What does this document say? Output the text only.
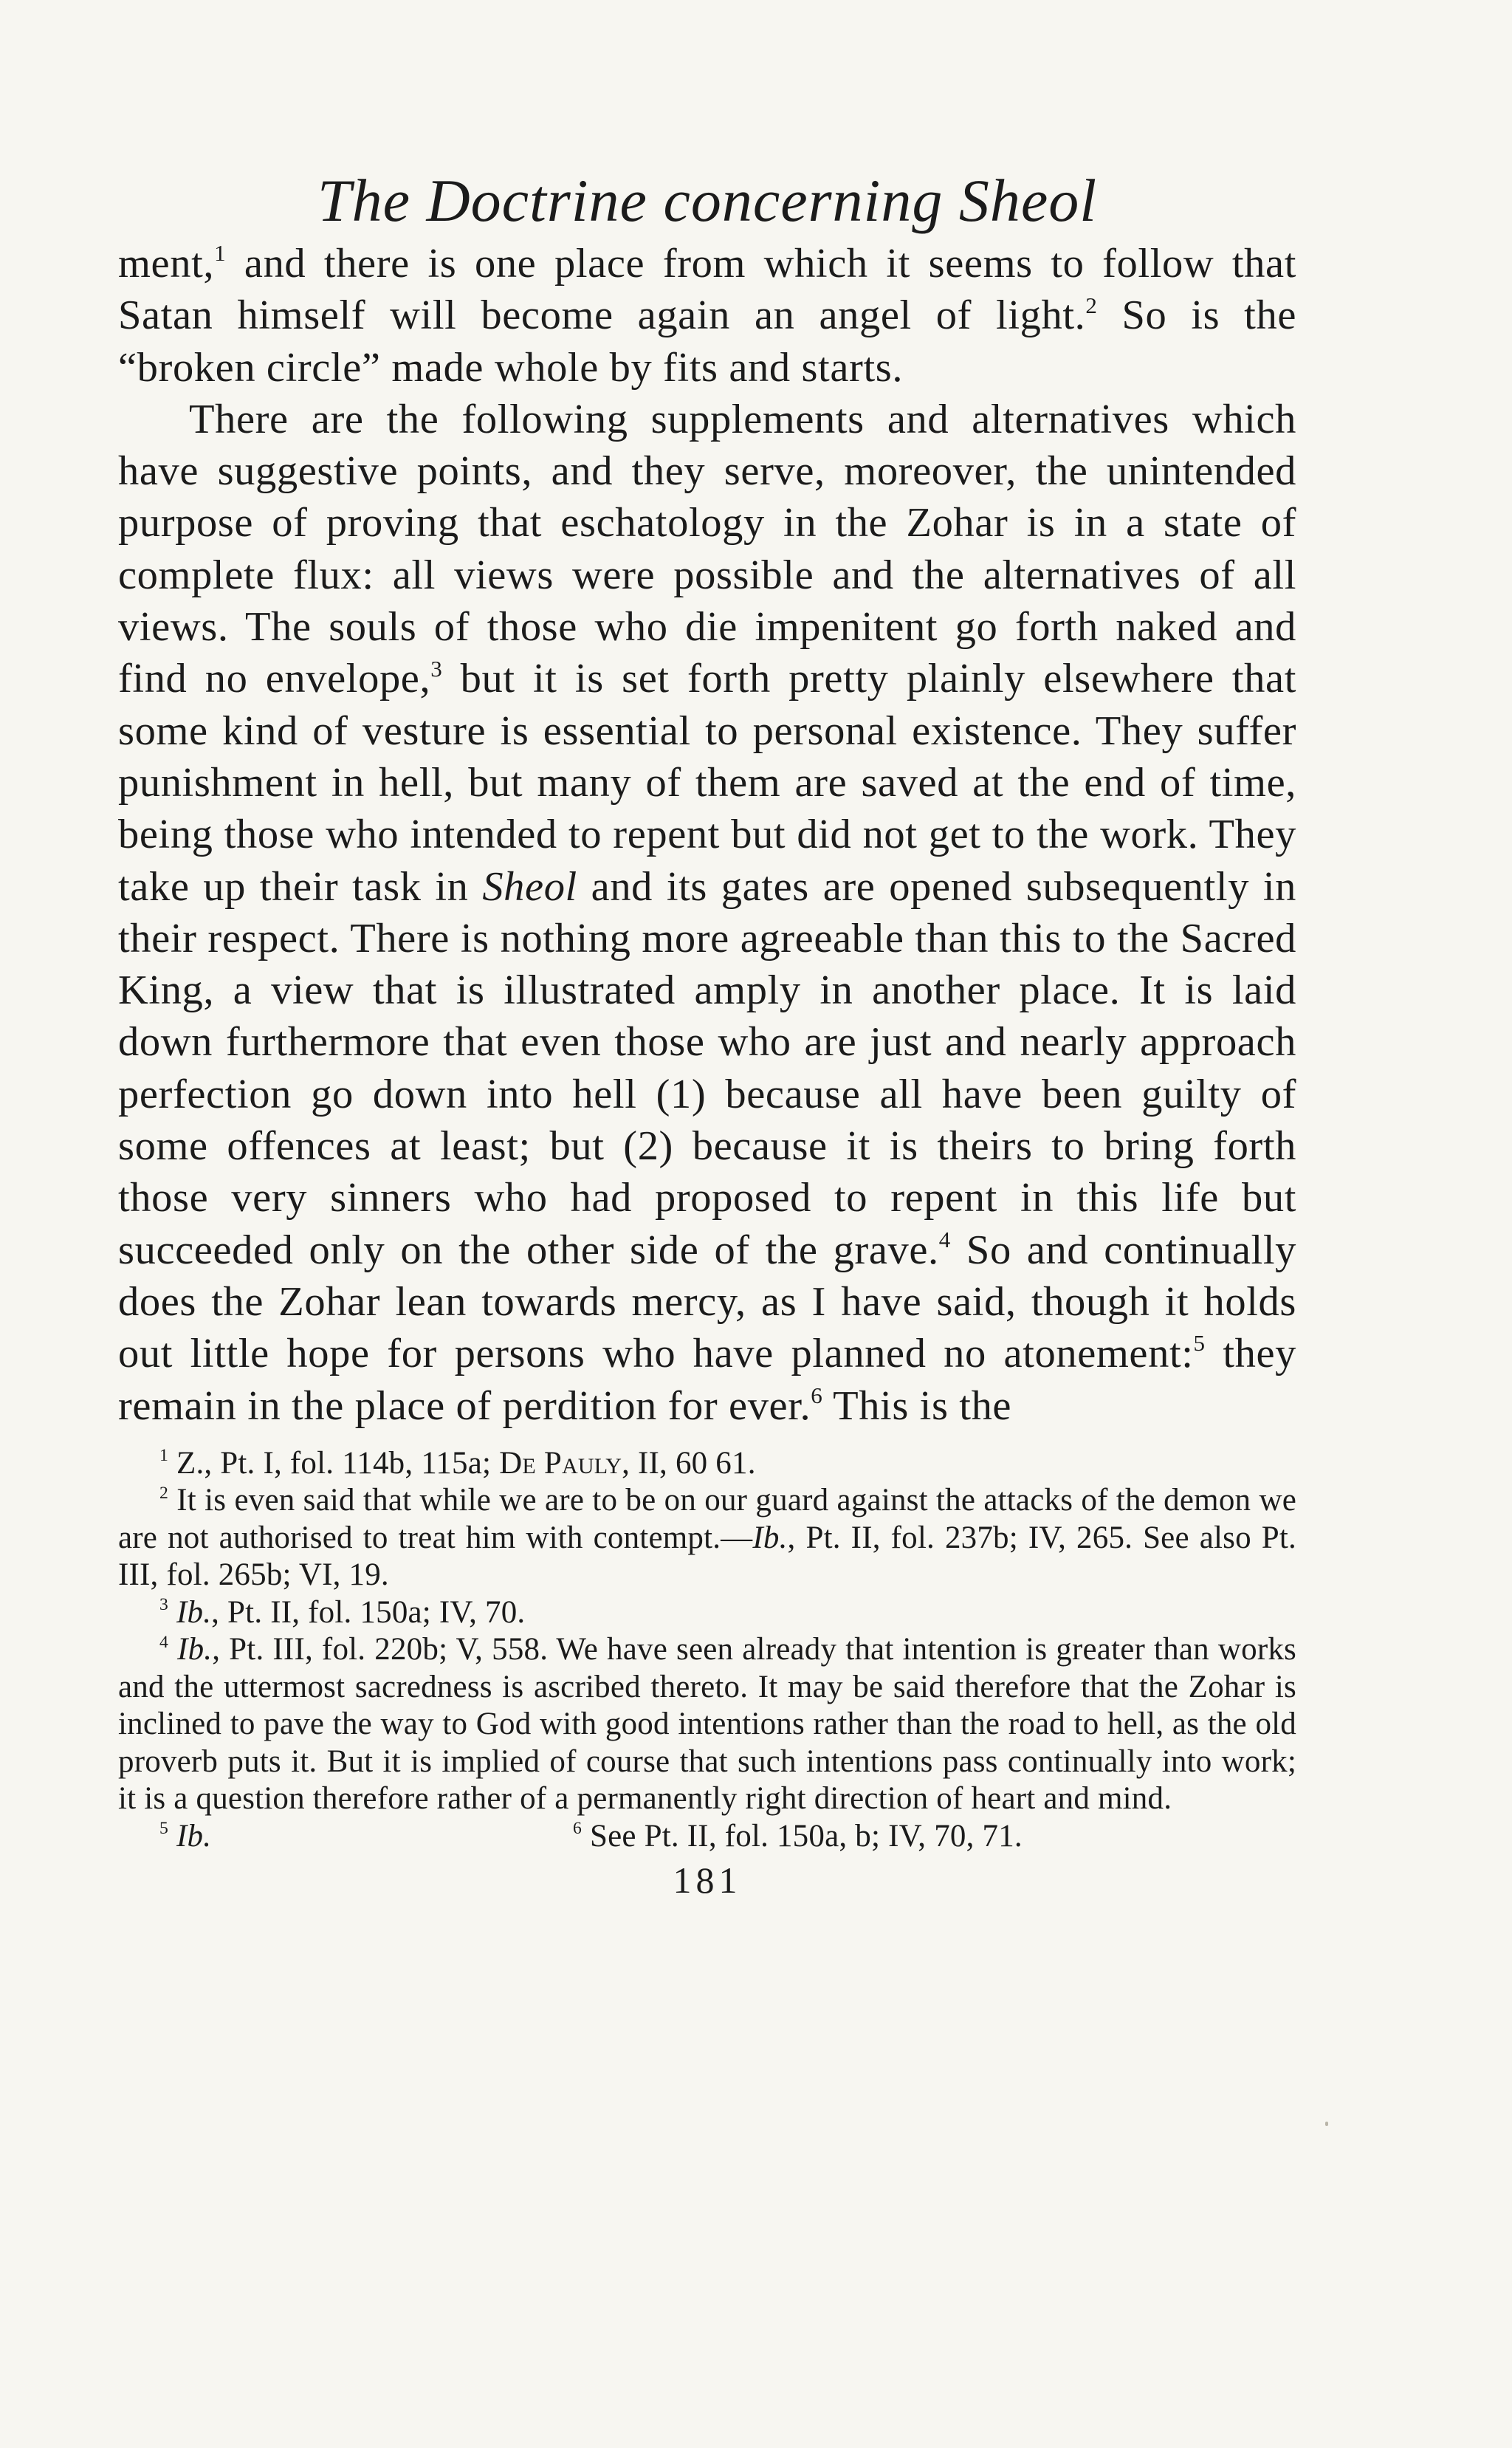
The Doctrine concerning Sheol

ment,$^1$ and there is one place from which it seems to follow that Satan himself will become again an angel of light.$^2$ So is the “broken circle” made whole by fits and starts.

There are the following supplements and alternatives which have suggestive points, and they serve, moreover, the unintended purpose of proving that eschatology in the Zohar is in a state of complete flux: all views were possible and the alternatives of all views. The souls of those who die impenitent go forth naked and find no envelope,$^3$ but it is set forth pretty plainly elsewhere that some kind of vesture is essential to personal existence. They suffer punishment in hell, but many of them are saved at the end of time, being those who intended to repent but did not get to the work. They take up their task in Sheol and its gates are opened subsequently in their respect. There is nothing more agreeable than this to the Sacred King, a view that is illustrated amply in another place. It is laid down furthermore that even those who are just and nearly approach perfection go down into hell (1) because all have been guilty of some offences at least; but (2) because it is theirs to bring forth those very sinners who had proposed to repent in this life but succeeded only on the other side of the grave.$^4$ So and continually does the Zohar lean towards mercy, as I have said, though it holds out little hope for persons who have planned no atonement:$^5$ they remain in the place of perdition for ever.$^6$ This is the

$^1$ Z., Pt. I, fol. 114b, 115a; De Pauly, II, 60 61.

$^2$ It is even said that while we are to be on our guard against the attacks of the demon we are not authorised to treat him with contempt.—Ib., Pt. II, fol. 237b; IV, 265. See also Pt. III, fol. 265b; VI, 19.

$^3$ Ib., Pt. II, fol. 150a; IV, 70.

$^4$ Ib., Pt. III, fol. 220b; V, 558. We have seen already that intention is greater than works and the uttermost sacredness is ascribed thereto. It may be said therefore that the Zohar is inclined to pave the way to God with good intentions rather than the road to hell, as the old proverb puts it. But it is implied of course that such intentions pass continually into work; it is a question therefore rather of a permanently right direction of heart and mind.

$^5$ Ib.	$^6$ See Pt. II, fol. 150a, b; IV, 70, 71.
181
